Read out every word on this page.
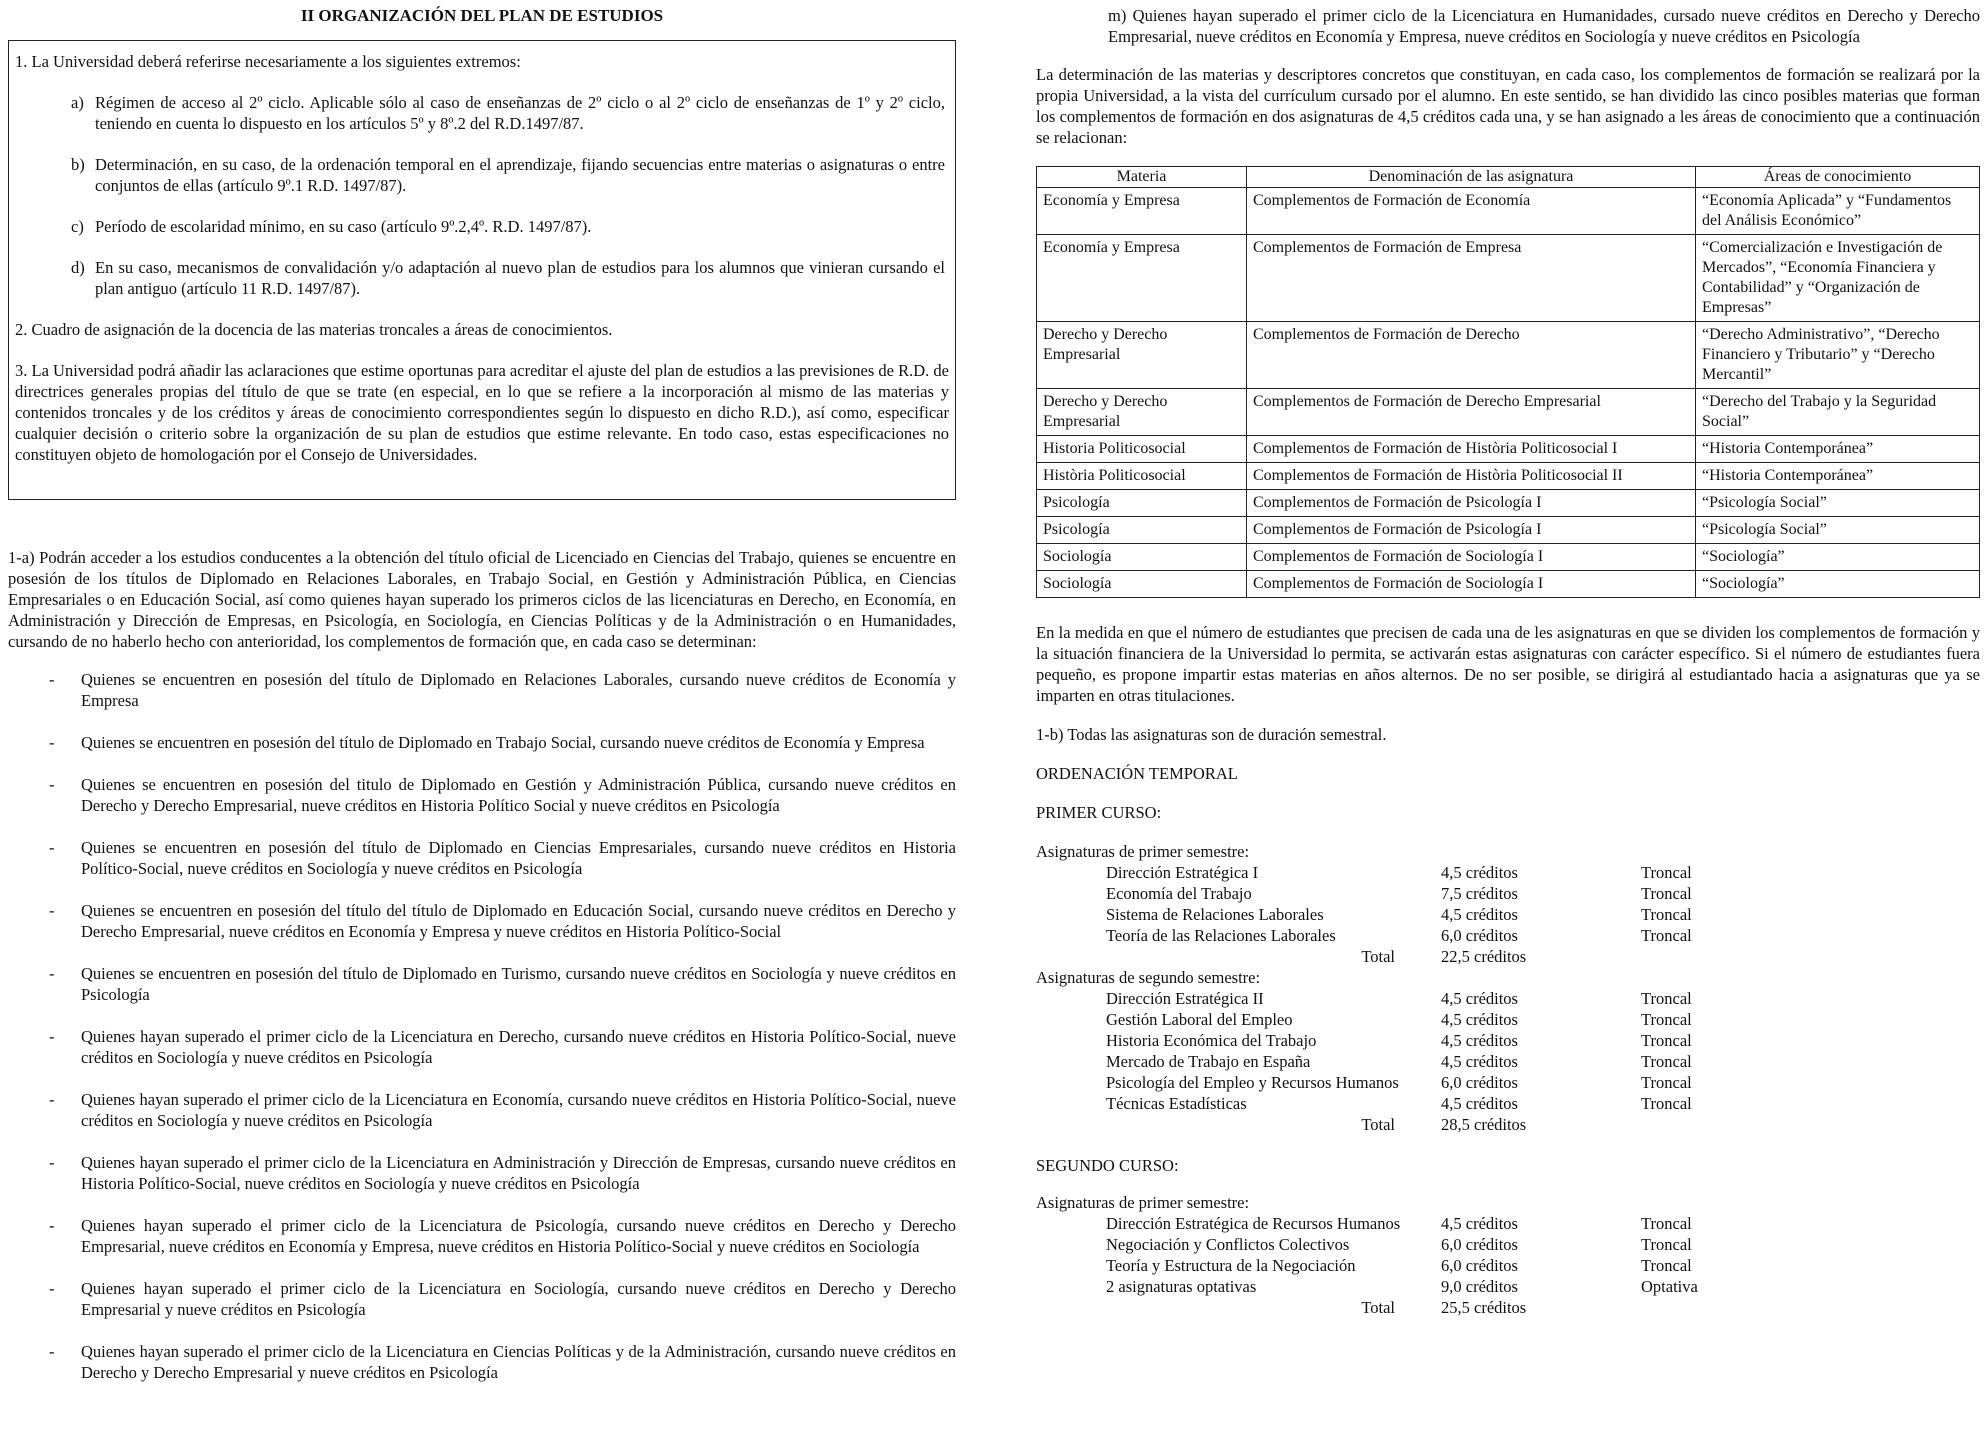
II ORGANIZACIÓN DEL PLAN DE ESTUDIOS

1. La Universidad deberá referirse necesariamente a los siguientes extremos:

a) Régimen de acceso al 2º ciclo. Aplicable sólo al caso de enseñanzas de 2º ciclo o al 2º ciclo de enseñanzas de 1º y 2º ciclo, teniendo en cuenta lo dispuesto en los artículos 5º y 8º.2 del R.D.1497/87.
b) Determinación, en su caso, de la ordenación temporal en el aprendizaje, fijando secuencias entre materias o asignaturas o entre conjuntos de ellas (artículo 9º.1 R.D. 1497/87).
c) Período de escolaridad mínimo, en su caso (artículo 9º.2,4º. R.D. 1497/87).
d) En su caso, mecanismos de convalidación y/o adaptación al nuevo plan de estudios para los alumnos que vinieran cursando el plan antiguo (artículo 11 R.D. 1497/87).

2. Cuadro de asignación de la docencia de las materias troncales a áreas de conocimientos.

3. La Universidad podrá añadir las aclaraciones que estime oportunas para acreditar el ajuste del plan de estudios a las previsiones de R.D. de directrices generales propias del título de que se trate (en especial, en lo que se refiere a la incorporación al mismo de las materias y contenidos troncales y de los créditos y áreas de conocimiento correspondientes según lo dispuesto en dicho R.D.), así como, especificar cualquier decisión o criterio sobre la organización de su plan de estudios que estime relevante. En todo caso, estas especificaciones no constituyen objeto de homologación por el Consejo de Universidades.

1-a) Podrán acceder a los estudios conducentes a la obtención del título oficial de Licenciado en Ciencias del Trabajo, quienes se encuentre en posesión de los títulos de Diplomado en Relaciones Laborales, en Trabajo Social, en Gestión y Administración Pública, en Ciencias Empresariales o en Educación Social, así como quienes hayan superado los primeros ciclos de las licenciaturas en Derecho, en Economía, en Administración y Dirección de Empresas, en Psicología, en Sociología, en Ciencias Políticas y de la Administración o en Humanidades, cursando de no haberlo hecho con anterioridad, los complementos de formación que, en cada caso se determinan:

-	Quienes se encuentren en posesión del título de Diplomado en Relaciones Laborales, cursando nueve créditos de Economía y Empresa
-	Quienes se encuentren en posesión del título de Diplomado en Trabajo Social, cursando nueve créditos de Economía y Empresa
-	Quienes se encuentren en posesión del titulo de Diplomado en Gestión y Administración Pública, cursando nueve créditos en Derecho y Derecho Empresarial, nueve créditos en Historia Político Social y nueve créditos en Psicología
-	Quienes se encuentren en posesión del título de Diplomado en Ciencias Empresariales, cursando nueve créditos en Historia Político-Social, nueve créditos en Sociología y nueve créditos en Psicología
-	Quienes se encuentren en posesión del título del título de Diplomado en Educación Social, cursando nueve créditos en Derecho y Derecho Empresarial, nueve créditos en Economía y Empresa y nueve créditos en Historia Político-Social
-	Quienes se encuentren en posesión del título de Diplomado en Turismo, cursando nueve créditos en Sociología y nueve créditos en Psicología
-	Quienes hayan superado el primer ciclo de la Licenciatura en Derecho, cursando nueve créditos en Historia Político-Social, nueve créditos en Sociología y nueve créditos en Psicología
-	Quienes hayan superado el primer ciclo de la Licenciatura en Economía, cursando nueve créditos en Historia Político-Social, nueve créditos en Sociología y nueve créditos en Psicología
-	Quienes hayan superado el primer ciclo de la Licenciatura en Administración y Dirección de Empresas, cursando nueve créditos en Historia Político-Social, nueve créditos en Sociología y nueve créditos en Psicología
-	Quienes hayan superado el primer ciclo de la Licenciatura de Psicología, cursando nueve créditos en Derecho y Derecho Empresarial, nueve créditos en Economía y Empresa, nueve créditos en Historia Político-Social y nueve créditos en Sociología
-	Quienes hayan superado el primer ciclo de la Licenciatura en Sociología, cursando nueve créditos en Derecho y Derecho Empresarial y nueve créditos en Psicología
-	Quienes hayan superado el primer ciclo de la Licenciatura en Ciencias Políticas y de la Administración, cursando nueve créditos en Derecho y Derecho Empresarial y nueve créditos en Psicología

m) Quienes hayan superado el primer ciclo de la Licenciatura en Humanidades, cursado nueve créditos en Derecho y Derecho Empresarial, nueve créditos en Economía y Empresa, nueve créditos en Sociología y nueve créditos en Psicología

La determinación de las materias y descriptores concretos que constituyan, en cada caso, los complementos de formación se realizará por la propia Universidad, a la vista del currículum cursado por el alumno. En este sentido, se han dividido las cinco posibles materias que forman los complementos de formación en dos asignaturas de 4,5 créditos cada una, y se han asignado a les áreas de conocimiento que a continuación se relacionan:

Materia	Denominación de las asignatura	Áreas de conocimiento
Economía y Empresa	Complementos de Formación de Economía	“Economía Aplicada” y “Fundamentos del Análisis Económico”
Economía y Empresa	Complementos de Formación de Empresa	“Comercialización e Investigación de Mercados”, “Economía Financiera y Contabilidad” y “Organización de Empresas”
Derecho y Derecho Empresarial	Complementos de Formación de Derecho	“Derecho Administrativo”, “Derecho Financiero y Tributario” y “Derecho Mercantil”
Derecho y Derecho Empresarial	Complementos de Formación de Derecho Empresarial	“Derecho del Trabajo y la Seguridad Social”
Historia Politicosocial	Complementos de Formación de Història Politicosocial I	“Historia Contemporánea”
Història Politicosocial	Complementos de Formación de Història Politicosocial II	“Historia Contemporánea”
Psicología	Complementos de Formación de Psicología I	“Psicología Social”
Psicología	Complementos de Formación de Psicología I	“Psicología Social”
Sociología	Complementos de Formación de Sociología I	“Sociología”
Sociología	Complementos de Formación de Sociología I	“Sociología”

En la medida en que el número de estudiantes que precisen de cada una de les asignaturas en que se dividen los complementos de formación y la situación financiera de la Universidad lo permita, se activarán estas asignaturas con carácter específico. Si el número de estudiantes fuera pequeño, es propone impartir estas materias en años alternos. De no ser posible, se dirigirá al estudiantado hacia a asignaturas que ya se imparten en otras titulaciones.

1-b) Todas las asignaturas son de duración semestral.

ORDENACIÓN TEMPORAL

PRIMER CURSO:

Asignaturas de primer semestre:
Dirección Estratégica I	4,5 créditos	Troncal
Economía del Trabajo	7,5 créditos	Troncal
Sistema de Relaciones Laborales	4,5 créditos	Troncal
Teoría de las Relaciones Laborales	6,0 créditos	Troncal
Total	22,5 créditos
Asignaturas de segundo semestre:
Dirección Estratégica II	4,5 créditos	Troncal
Gestión Laboral del Empleo	4,5 créditos	Troncal
Historia Económica del Trabajo	4,5 créditos	Troncal
Mercado de Trabajo en España	4,5 créditos	Troncal
Psicología del Empleo y Recursos Humanos	6,0 créditos	Troncal
Técnicas Estadísticas	4,5 créditos	Troncal
Total	28,5 créditos

SEGUNDO CURSO:

Asignaturas de primer semestre:
Dirección Estratégica de Recursos Humanos	4,5 créditos	Troncal
Negociación y Conflictos Colectivos	6,0 créditos	Troncal
Teoría y Estructura de la Negociación	6,0 créditos	Troncal
2 asignaturas optativas	9,0 créditos	Optativa
Total	25,5 créditos
